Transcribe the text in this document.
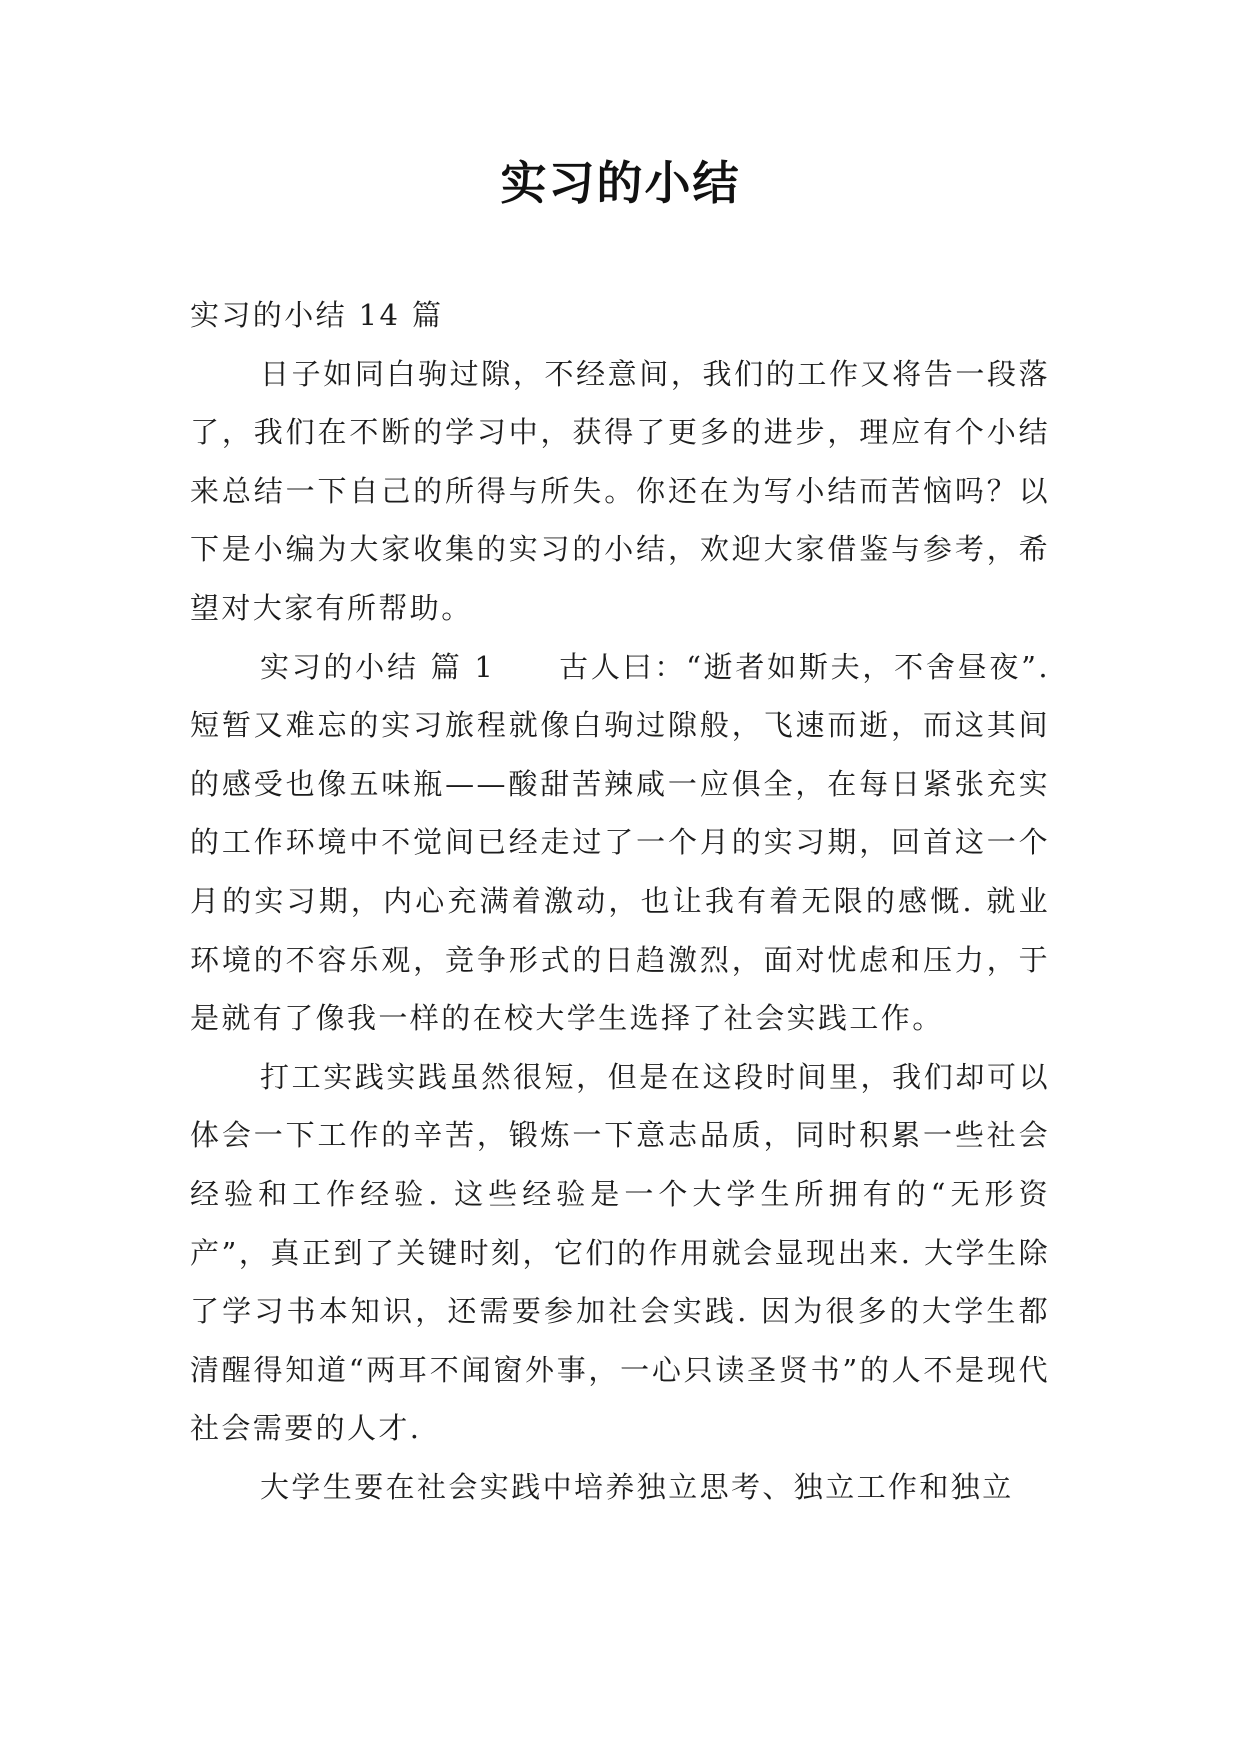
实习的小结

实习的小结 14 篇

日子如同白驹过隙，不经意间，我们的工作又将告一段落了，我们在不断的学习中，获得了更多的进步，理应有个小结来总结一下自己的所得与所失。你还在为写小结而苦恼吗？以下是小编为大家收集的实习的小结，欢迎大家借鉴与参考，希望对大家有所帮助。

实习的小结 篇 1　　古人曰：“逝者如斯夫，不舍昼夜”. 短暂又难忘的实习旅程就像白驹过隙般，飞速而逝，而这其间的感受也像五味瓶——酸甜苦辣咸一应俱全，在每日紧张充实的工作环境中不觉间已经走过了一个月的实习期，回首这一个月的实习期，内心充满着激动，也让我有着无限的感慨. 就业环境的不容乐观，竞争形式的日趋激烈，面对忧虑和压力，于是就有了像我一样的在校大学生选择了社会实践工作。

打工实践实践虽然很短，但是在这段时间里，我们却可以体会一下工作的辛苦，锻炼一下意志品质，同时积累一些社会经验和工作经验. 这些经验是一个大学生所拥有的“无形资产”，真正到了关键时刻，它们的作用就会显现出来. 大学生除了学习书本知识，还需要参加社会实践. 因为很多的大学生都清醒得知道“两耳不闻窗外事，一心只读圣贤书”的人不是现代社会需要的人才.

大学生要在社会实践中培养独立思考、独立工作和独立
